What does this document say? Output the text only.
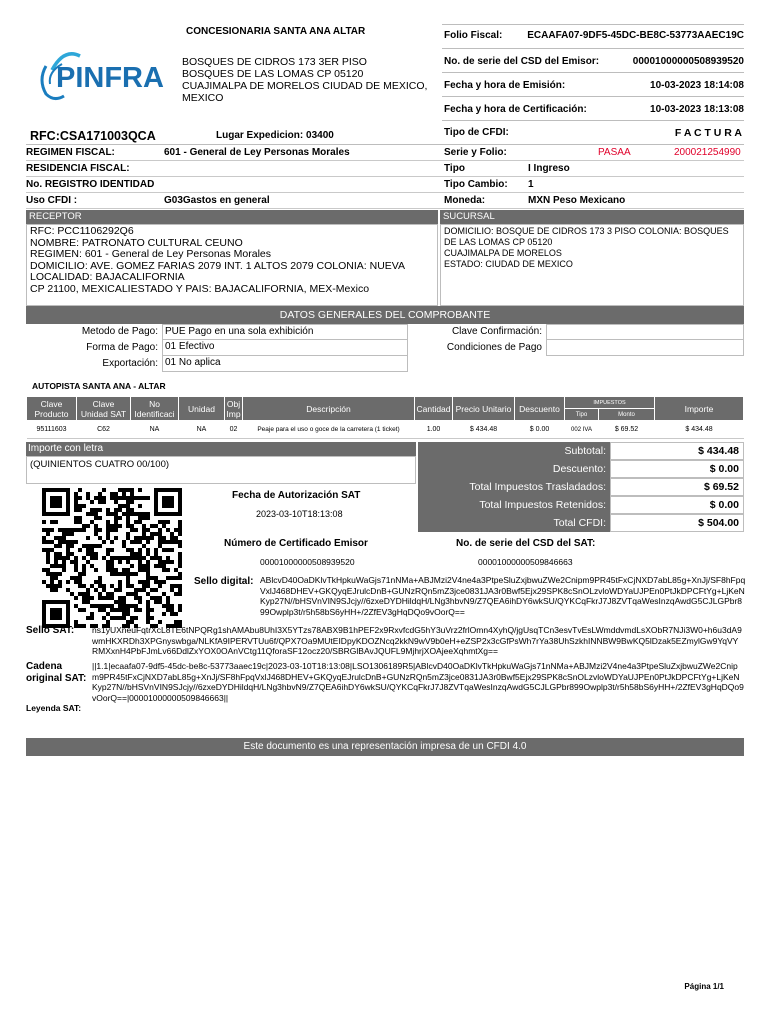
PINFRA
CONCESIONARIA SANTA ANA ALTAR
BOSQUES DE CIDROS 173 3ER PISO
BOSQUES DE LAS LOMAS CP 05120
CUAJIMALPA DE MORELOS CIUDAD DE MEXICO,
MEXICO
Folio Fiscal: ECAAFA07-9DF5-45DC-BE8C-53773AAEC19C
No. de serie del CSD del Emisor:	00001000000508939520
Fecha y hora de Emisión:	10-03-2023 18:14:08
Fecha y hora de Certificación:	10-03-2023 18:13:08
RFC:CSA171003QCA	Lugar Expedicion: 03400	Tipo de CFDI:	F A C T U R A
REGIMEN FISCAL:	601 - General de Ley Personas Morales	Serie y Folio:	PASAA	200021254990
RESIDENCIA FISCAL:	Tipo	I Ingreso
No. REGISTRO IDENTIDAD	Tipo Cambio: 1
Uso CFDI :	G03Gastos en general	Moneda:	MXN Peso Mexicano
RECEPTOR	SUCURSAL
RFC: PCC1106292Q6
NOMBRE: PATRONATO CULTURAL CEUNO
REGIMEN: 601 - General de Ley Personas Morales
DOMICILIO: AVE. GOMEZ FARIAS 2079 INT. 1 ALTOS 2079 COLONIA: NUEVA
LOCALIDAD: BAJACALIFORNIA
CP 21100, MEXICALIESTADO Y PAIS: BAJACALIFORNIA, MEX-Mexico
DOMICILIO: BOSQUE DE CIDROS 173 3 PISO COLONIA: BOSQUES
DE LAS LOMAS CP 05120
CUAJIMALPA DE MORELOS
ESTADO: CIUDAD DE MEXICO
DATOS GENERALES DEL COMPROBANTE
Metodo de Pago: PUE Pago en una sola exhibición	Clave Confirmación:
Forma de Pago: 01 Efectivo	Condiciones de Pago
Exportación: 01 No aplica
AUTOPISTA SANTA ANA - ALTAR
Clave Producto	Clave Unidad SAT	No Identificaci	Unidad	Obj Imp	Descripción	Cantidad	Precio Unitario	Descuento	IMPUESTOS		Importe
									Tipo	Monto	
95111603	C62	NA	NA	02	Peaje para el uso o goce de la carretera (1 ticket)	1.00	$ 434.48	$ 0.00	002 IVA	$ 69.52	$ 434.48
Importe con letra
(QUINIENTOS CUATRO 00/100)
Subtotal:	$ 434.48
Descuento:	$ 0.00
Total Impuestos Trasladados:	$ 69.52
Total Impuestos Retenidos:	$ 0.00
Total CFDI:	$ 504.00
Fecha de Autorización SAT
2023-03-10T18:13:08
Número de Certificado Emisor
00001000000508939520
No. de serie del CSD del SAT:
00001000000509846663
Sello digital: ABlcvD40OaDKlvTkHpkuWaGjs71nNMa+ABJMzi2V4ne4a3PtpeSluZxjbwuZWe2Cnipm9PR45tFxCjNXD7abL85g+XnJj/SF8hFpqVxlJ468DHEV+GKQyqEJrulcDnB+GUNzRQn5mZ3jce0831JA3r0Bwf5Ejx29SPK8cSnOLzvloWDYaUJPEn0PtJkDPCFtYg+LjKeNKyp27N//bHSVnVIN9SJcjy//6zxeDYDHildqH/LNg3hbvN9/Z7QEA6ihDY6wkSU/QYKCqFkrJ7J8ZVTqaWesInzqAwdG5CJLGPbr899Owplp3t/r5h58bS6yHH+/2ZfEV3gHqDQo9vOorQ==
Sello SAT: ns1yUXneuFqtrXcL8TE6tNPQRg1shAMAbu8UhI3X5YTzs78ABX9B1hPEF2x9RxvfcdG5hY3uVrz2frlOmn4XyhQ/jgUsqTCn3esvTvEsLWmddvmdLsXObR7NJi3W0+h6u3dA9wmHKXRDh3XPGnyswbga/NLKfA9IPERVTUu6f/QPX7Oa9MUtEIDpyKDOZNcq2kkN9wV9b0eH+eZSP2x3cGfPsWh7rYa38UhSzkhINNBW9BwKQ5lDzak5EZmylGw9YqVYRMXxnH4PbFJmLv66DdlZxYOX0OAnVCtg11QforaSF12ocz20/SBRGlBAvJQUFL9MjhrjXOAjeeXqhmtXg==
Cadena original SAT:
||1.1|ecaafa07-9df5-45dc-be8c-53773aaec19c|2023-03-10T18:13:08|LSO1306189R5|ABlcvD40OaDKlvTkHpkuWaGjs71nNMa+ABJMzi2V4ne4a3PtpeSluZxjbwuZWe2Cnipm9PR45tFxCjNXD7abL85g+XnJj/SF8hFpqVxlJ468DHEV+GKQyqEJrulcDnB+GUNzRQn5mZ3jce0831JA3r0Bwf5Ejx29SPK8cSnOLzvloWDYaUJPEn0PtJkDPCFtYg+LjKeNKyp27N//bHSVnVIN9SJcjy//6zxeDYDHildqH/LNg3hbvN9/Z7QEA6ihDY6wkSU/QYKCqFkrJ7J8ZVTqaWesInzqAwdG5CJLGPbr899Owplp3t/r5h58bS6yHH+/2ZfEV3gHqDQo9vOorQ==|00001000000509846663||
Leyenda SAT:
Este documento es una representación impresa de un CFDI 4.0
Página 1/1
